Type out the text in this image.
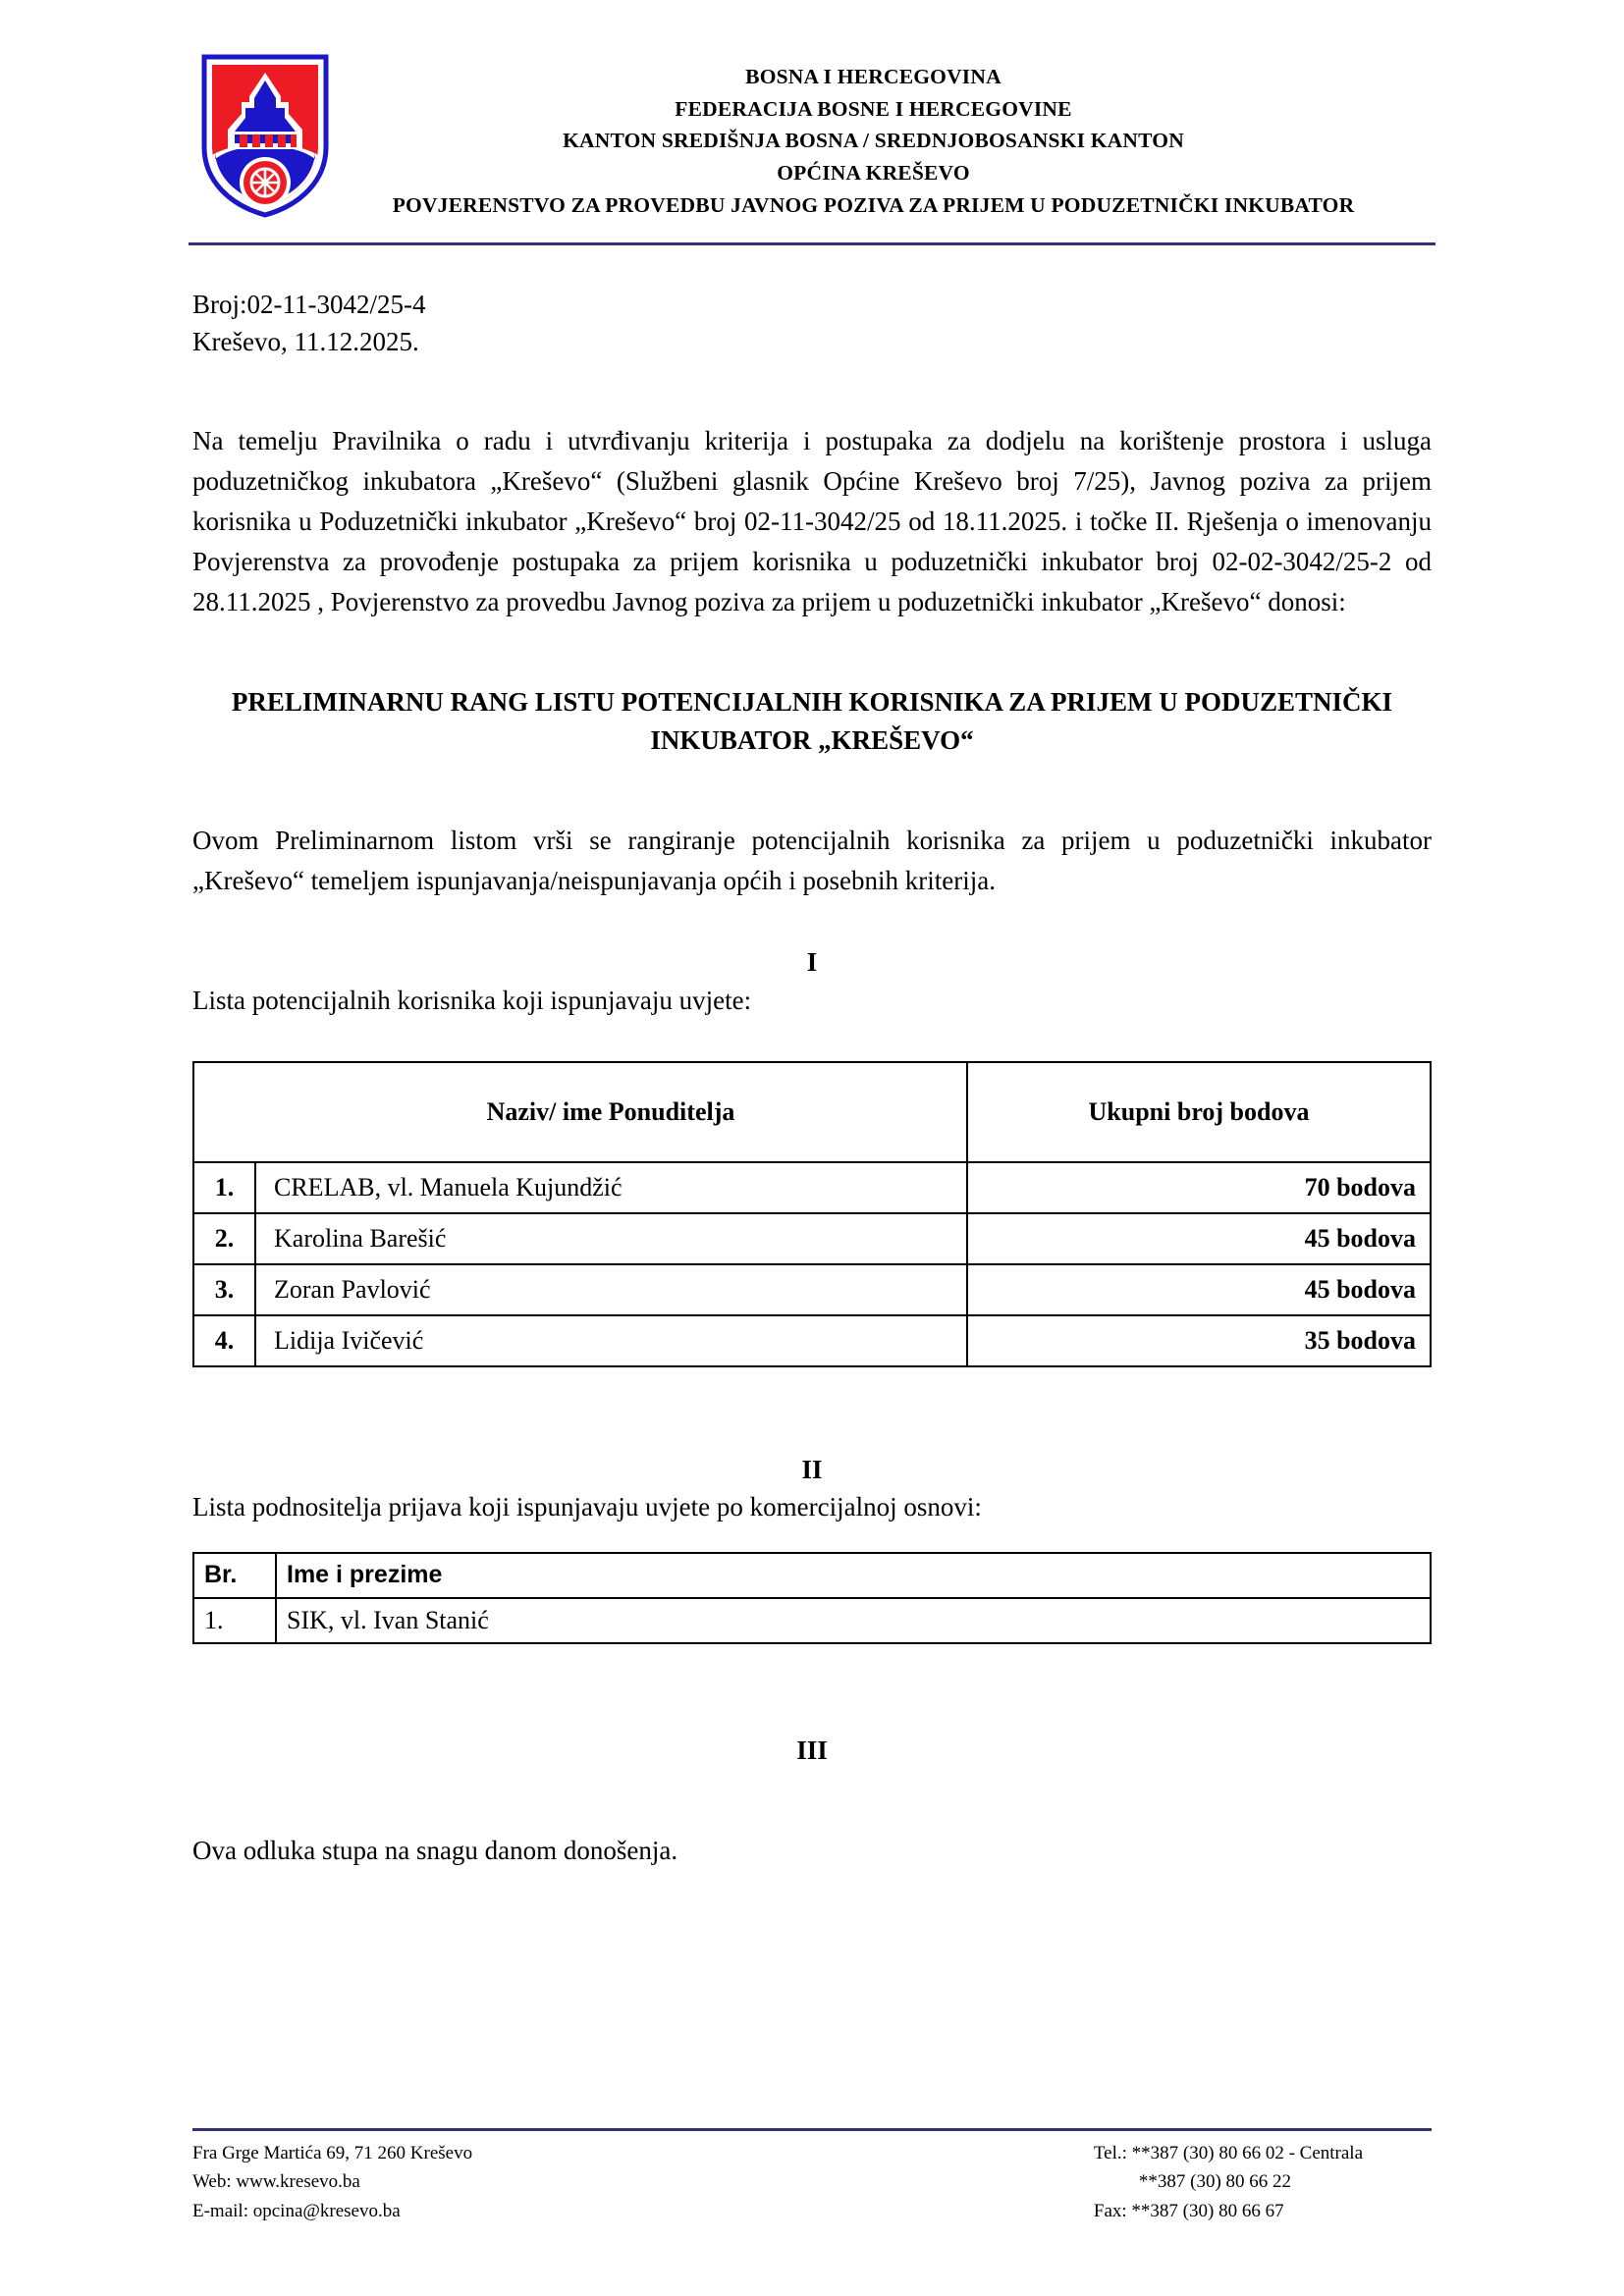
BOSNA I HERCEGOVINA
FEDERACIJA BOSNE I HERCEGOVINE
KANTON SREDIŠNJA BOSNA / SREDNJOBOSANSKI KANTON
OPĆINA KREŠEVO
POVJERENSTVO ZA PROVEDBU JAVNOG POZIVA ZA PRIJEM U PODUZETNIČKI INKUBATOR
Broj:02-11-3042/25-4
Kreševo, 11.12.2025.

Na temelju Pravilnika o radu i utvrđivanju kriterija i postupaka za dodjelu na korištenje prostora i usluga poduzetničkog inkubatora „Kreševo“ (Službeni glasnik Općine Kreševo broj 7/25), Javnog poziva za prijem korisnika u Poduzetnički inkubator „Kreševo“ broj 02-11-3042/25 od 18.11.2025. i točke II. Rješenja o imenovanju Povjerenstva za provođenje postupaka za prijem korisnika u poduzetnički inkubator broj 02-02-3042/25-2 od 28.11.2025 , Povjerenstvo za provedbu Javnog poziva za prijem u poduzetnički inkubator „Kreševo“ donosi:

PRELIMINARNU RANG LISTU POTENCIJALNIH KORISNIKA ZA PRIJEM U PODUZETNIČKI INKUBATOR „KREŠEVO“

Ovom Preliminarnom listom vrši se rangiranje potencijalnih korisnika za prijem u poduzetnički inkubator „Kreševo“ temeljem ispunjavanja/neispunjavanja općih i posebnih kriterija.

I
Lista potencijalnih korisnika koji ispunjavaju uvjete:
	Naziv/ ime Ponuditelja	Ukupni broj bodova
1.	CRELAB, vl. Manuela Kujundžić	70 bodova
2.	Karolina Barešić	45 bodova
3.	Zoran Pavlović	45 bodova
4.	Lidija Ivičević	35 bodova
II
Lista podnositelja prijava koji ispunjavaju uvjete po komercijalnoj osnovi:
Br.	Ime i prezime
1.	SIK, vl. Ivan Stanić
III

Ova odluka stupa na snagu danom donošenja.

Fra Grge Martića 69, 71 260 Kreševo
Web: www.kresevo.ba
E-mail: opcina@kresevo.ba
Tel.: **387 (30) 80 66 02 - Centrala
**387 (30) 80 66 22
Fax: **387 (30) 80 66 67
